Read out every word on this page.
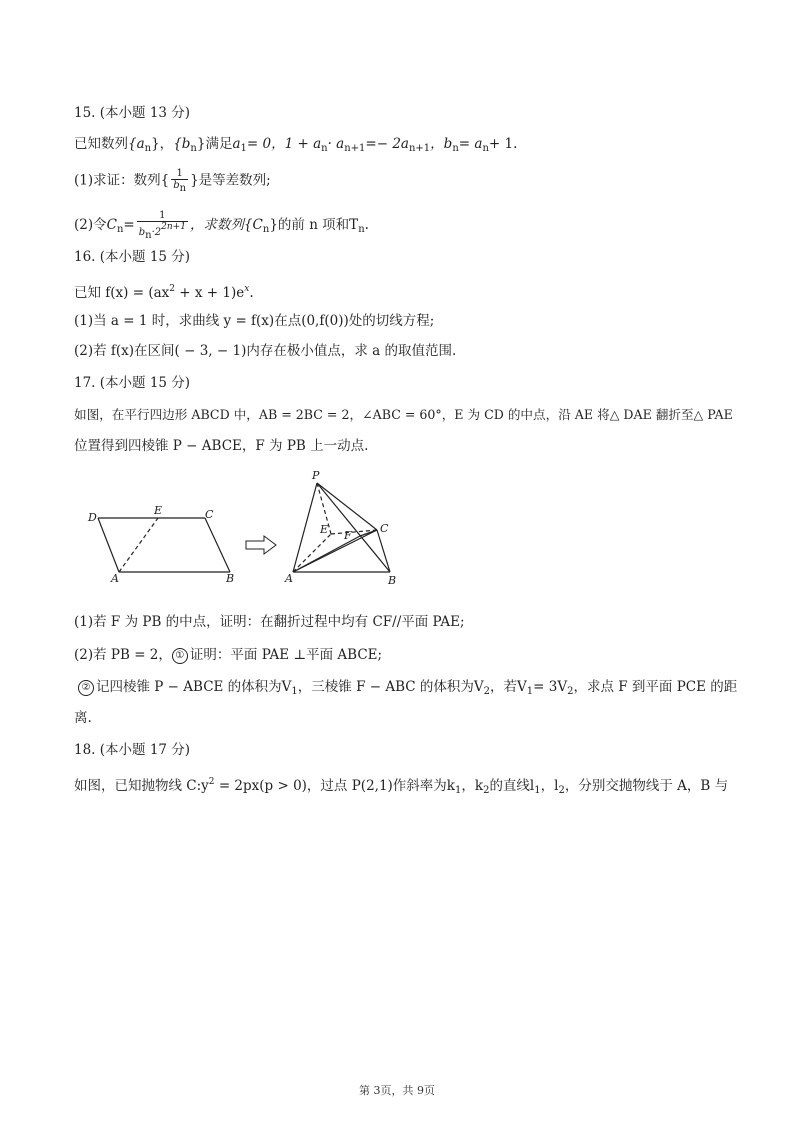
15. (本小题 13 分)
已知数列$\{a_n\}$，$\{b_n\}$满足$a_1= 0$，$1 + a_n\cdot a_{n+1}=- 2a_{n+1}$，$b_n= a_n+ 1$.
(1)求证：数列{ $\frac{1}{bn}$ }是等差数列;
(2)令$C_n= \frac{1}{bn\cdot 22n+1}$ ，求数列$\{C_n\}$的前 n 项和$T_n$.
16. (本小题 15 分)
已知 $f(x) = (ax^2 + x + 1)e^x$.
(1)当 a = 1 时，求曲线 y = f(x)在点(0,f(0))处的切线方程;
(2)若 f(x)在区间( − 3, − 1)内存在极小值点，求 a 的取值范围.
17. (本小题 15 分)
如图，在平行四边形 ABCD 中，AB = 2BC = 2，∠ABC = 60°，E 为 CD 的中点，沿 AE 将△ DAE 翻折至△ PAE
位置得到四棱锥 P − ABCE，F 为 PB 上一动点.
D
E	C
A	B
P
E F
C
A	B
(1)若 F 为 PB 的中点，证明：在翻折过程中均有 CF//平面 PAE;
(2)若 PB = 2， ① 证明：平面 PAE ⊥平面 ABCE;
② 记四棱锥 P − ABCE 的体积为$V_1$，三棱锥 F − ABC 的体积为$V_2$，若$V_1= 3V_2$，求点 F 到平面 PCE 的距
离.
18. (本小题 17 分)
如图，已知抛物线 $C:y^2 = 2px(p > 0)$，过点 P(2,1)作斜率为$k_1$，$k_2$的直线$l_1$，$l_2$，分别交抛物线于 A，B 与
第 3页，共 9页
